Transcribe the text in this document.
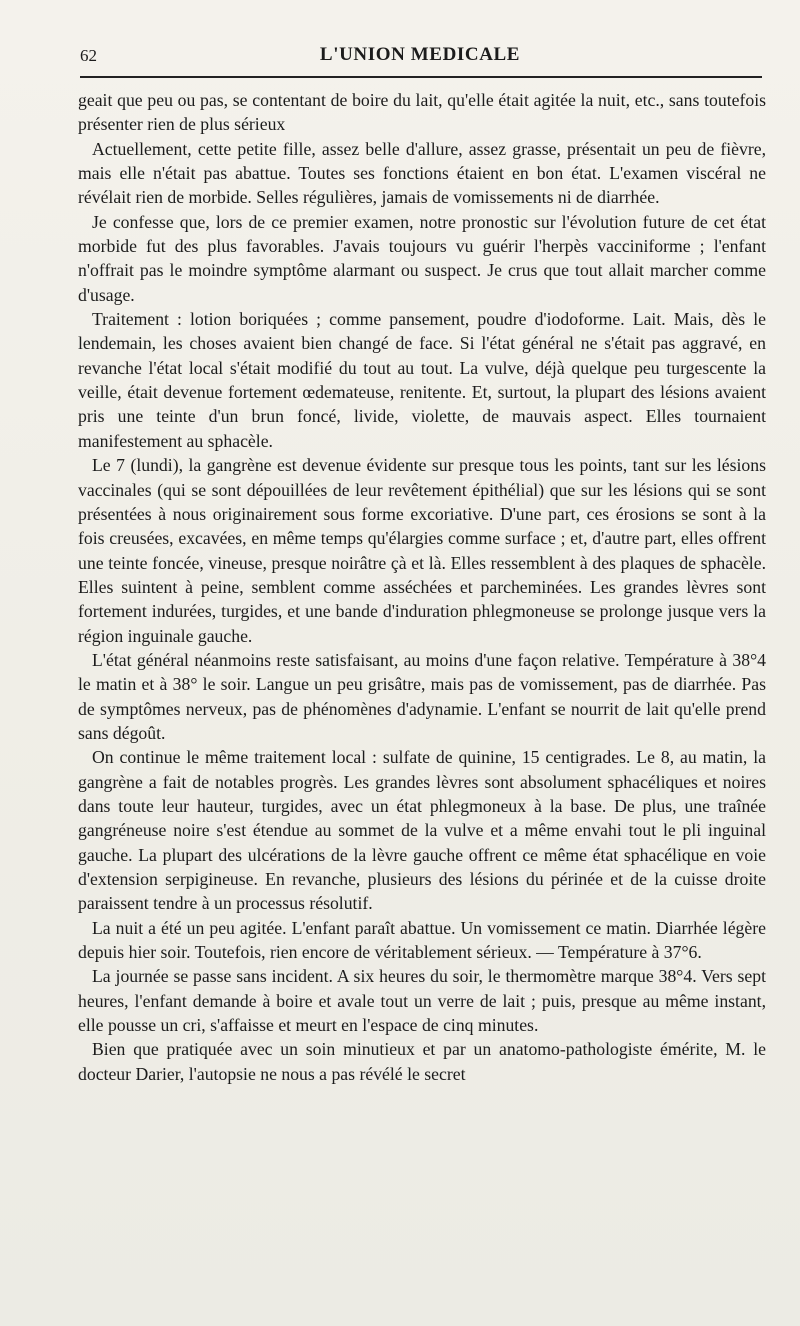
62	L'UNION MEDICALE

geait que peu ou pas, se contentant de boire du lait, qu'elle était agitée la nuit, etc., sans toutefois présenter rien de plus sérieux

Actuellement, cette petite fille, assez belle d'allure, assez grasse, présentait un peu de fièvre, mais elle n'était pas abattue. Toutes ses fonctions étaient en bon état. L'examen viscéral ne révélait rien de morbide. Selles régulières, jamais de vomissements ni de diarrhée.

Je confesse que, lors de ce premier examen, notre pronostic sur l'évolution future de cet état morbide fut des plus favorables. J'avais toujours vu guérir l'herpès vacciniforme ; l'enfant n'offrait pas le moindre symptôme alarmant ou suspect. Je crus que tout allait marcher comme d'usage.

Traitement : lotion boriquées ; comme pansement, poudre d'iodoforme. Lait. Mais, dès le lendemain, les choses avaient bien changé de face. Si l'état général ne s'était pas aggravé, en revanche l'état local s'était modifié du tout au tout. La vulve, déjà quelque peu turgescente la veille, était devenue fortement œdemateuse, renitente. Et, surtout, la plupart des lésions avaient pris une teinte d'un brun foncé, livide, violette, de mauvais aspect. Elles tournaient manifestement au sphacèle.

Le 7 (lundi), la gangrène est devenue évidente sur presque tous les points, tant sur les lésions vaccinales (qui se sont dépouillées de leur revêtement épithélial) que sur les lésions qui se sont présentées à nous originairement sous forme excoriative. D'une part, ces érosions se sont à la fois creusées, excavées, en même temps qu'élargies comme surface ; et, d'autre part, elles offrent une teinte foncée, vineuse, presque noirâtre çà et là. Elles ressemblent à des plaques de sphacèle. Elles suintent à peine, semblent comme asséchées et parcheminées. Les grandes lèvres sont fortement indurées, turgides, et une bande d'induration phlegmoneuse se prolonge jusque vers la région inguinale gauche.

L'état général néanmoins reste satisfaisant, au moins d'une façon relative. Température à 38°4 le matin et à 38° le soir. Langue un peu grisâtre, mais pas de vomissement, pas de diarrhée. Pas de symptômes nerveux, pas de phénomènes d'adynamie. L'enfant se nourrit de lait qu'elle prend sans dégoût.

On continue le même traitement local : sulfate de quinine, 15 centigrades. Le 8, au matin, la gangrène a fait de notables progrès. Les grandes lèvres sont absolument sphacéliques et noires dans toute leur hauteur, turgides, avec un état phlegmoneux à la base. De plus, une traînée gangréneuse noire s'est étendue au sommet de la vulve et a même envahi tout le pli inguinal gauche. La plupart des ulcérations de la lèvre gauche offrent ce même état sphacélique en voie d'extension serpigineuse. En revanche, plusieurs des lésions du périnée et de la cuisse droite paraissent tendre à un processus résolutif.

La nuit a été un peu agitée. L'enfant paraît abattue. Un vomissement ce matin. Diarrhée légère depuis hier soir. Toutefois, rien encore de véritablement sérieux. — Température à 37°6.

La journée se passe sans incident. A six heures du soir, le thermomètre marque 38°4. Vers sept heures, l'enfant demande à boire et avale tout un verre de lait ; puis, presque au même instant, elle pousse un cri, s'affaisse et meurt en l'espace de cinq minutes.

Bien que pratiquée avec un soin minutieux et par un anatomo-pathologiste émérite, M. le docteur Darier, l'autopsie ne nous a pas révélé le secret
